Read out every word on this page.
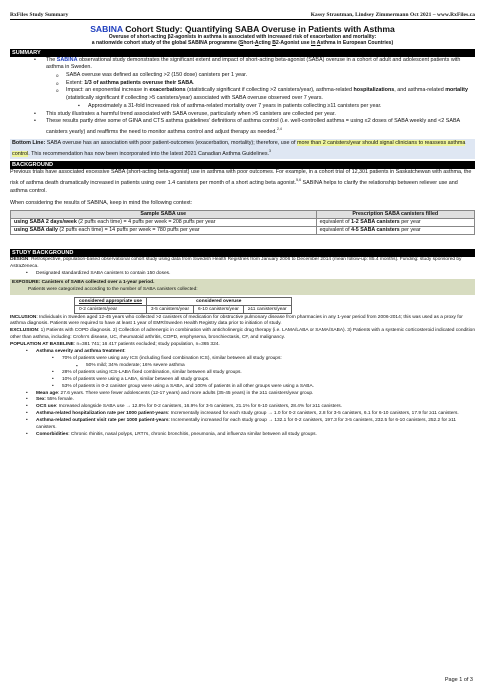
RxFiles Study Summary	Kassy Strautman, Lindsey Zimmermann Oct 2021 – www.RxFiles.ca
SABINA Cohort Study: Quantifying SABA Overuse in Patients with Asthma
Overuse of short-acting β2-agonists in asthma is associated with increased risk of exacerbation and mortality:
a nationwide cohort study of the global SABINA programme (Short-Acting B2-Agonist use in Asthma in European Countries)
SUMMARY
• The SABINA observational study demonstrates the significant extent and impact of short-acting beta-agonist (SABA) overuse in a cohort of adult and adolescent patients with asthma in Sweden.
o SABA overuse was defined as collecting >2 (150 dose) canisters per 1 year.
o Extent: 1/3 of asthma patients overuse their SABA.
o Impact: an exponential increase in exacerbations (statistically significant if collecting >2 canisters/year), asthma-related hospitalizations, and asthma-related mortality (statistically significant if collecting >5 canisters/year) associated with SABA overuse observed over 7 years.
▪ Approximately a 31-fold increased risk of asthma-related mortality over 7 years in patients collecting ≥11 canisters per year.
• This study illustrates a harmful trend associated with SABA overuse, particularly when >5 canisters are collected per year.
• These results partly drive some of GINA and CTS asthma guidelines’ definitions of asthma control (i.e. well-controlled asthma = using ≤2 doses of SABA weekly and <2 SABA canisters yearly) and reaffirms the need to monitor asthma control and adjust therapy as needed.$^{2,4}$
Bottom Line: SABA overuse has an association with poor patient-outcomes (exacerbation, mortality); therefore, use of more than 2 canisters/year should signal clinicians to reassess asthma control. This recommendation has now been incorporated into the latest 2021 Canadian Asthma Guidelines.$^3$
BACKGROUND
Previous trials have associated excessive SABA (short-acting beta-agonist) use in asthma with poor outcomes. For example, in a cohort trial of 12,301 patients in Saskatchewan with asthma, the risk of asthma death dramatically increased in patients using over 1.4 canisters per month of a short acting beta agonist.$^{5,6}$ SABINA helps to clarify the relationship between reliever use and asthma control.
When considering the results of SABINA, keep in mind the following context:
Sample SABA use	Prescription SABA canisters filled
using SABA 2 days/week (2 puffs each time) = 4 puffs per week = 208 puffs per year	equivalent of 1-2 SABA canisters per year
using SABA daily (2 puffs each time) = 14 puffs per week = 780 puffs per year	equivalent of 4-5 SABA canisters per year
STUDY BACKGROUND
DESIGN: Retrospective, population-based observational cohort study using data from Swedish Health Registries from January 2006 to December 2014 (mean follow-up: 85.4 months). Funding: study sponsored by AstraZeneca.
• Designated standardized SABA canisters to contain 150 doses.
EXPOSURE: Canisters of SABA collected over a 1-year period.
Patients were categorized according to the number of SABA canisters collected:
considered appropriate use	considered overuse		
0-2 canisters/year	3-5 canisters/year	6-10 canisters/year	≥11 canisters/year
INCLUSION: Individuals in Sweden aged 12-45 years who collected >2 canisters of medication for obstructive pulmonary disease from pharmacies in any 1-year period from 2006-2014; this was used as a proxy for asthma diagnosis. Patients were required to have at least 1 year of EMR/Sweden Health Registry data prior to initiation of study.
EXCLUSION: 1) Patients with COPD diagnosis. 2) Collection of adrenergic in combination with anticholinergic drug therapy (i.e. LAMA/LABA or SAMA/SABA). 3) Patients with a systemic corticosteroid indicated condition other than asthma, including: Crohn’s disease, UC, rheumatoid arthritis, COPD, emphysema, bronchiectasis, CF, and malignancy.
POPULATION AT BASELINE: n=381 741; 16 417 patients excluded; study population, n=365 324.
• Asthma severity and asthma treatment:
• 70% of patients were using any ICS (including fixed combination ICS), similar between all study groups:
▪ 50% mild; 34% moderate; 16% severe asthma
• 28% of patients using ICS-LABA fixed combination, similar between all study groups.
• 10% of patients were using a LABA, similar between all study groups.
• 53% of patients in 0-2 canister group were using a SABA, and 100% of patients in all other groups were using a SABA.
• Mean age: 27.6 years. There were fewer adolescents (12-17 years) and more adults (35-45 years) in the ≥11 canisters/year group.
• Sex: 55% female.
• OCS use: Increased alongside SABA use → 12.8% for 0-2 canisters, 16.9% for 3-5 canisters, 21.1% for 6-10 canisters, 28.4% for ≥11 canisters.
• Asthma-related hospitalization rate per 1000 patient-years: Incrementally increased for each study group → 1.0 for 0-2 canisters, 2.8 for 3-5 canisters, 6.1 for 6-10 canisters, 17.9 for ≥11 canisters.
• Asthma-related outpatient visit rate per 1000 patient-years: Incrementally increased for each study group → 132.1 for 0-2 canisters, 197.3 for 3-5 canisters, 232.5 for 6-10 canisters, 252.2 for ≥11 canisters.
• Comorbidities: Chronic rhinitis, nasal polyps, LRTI’s, chronic bronchitis, pneumonia, and influenza similar between all study groups.
Page 1 of 3
